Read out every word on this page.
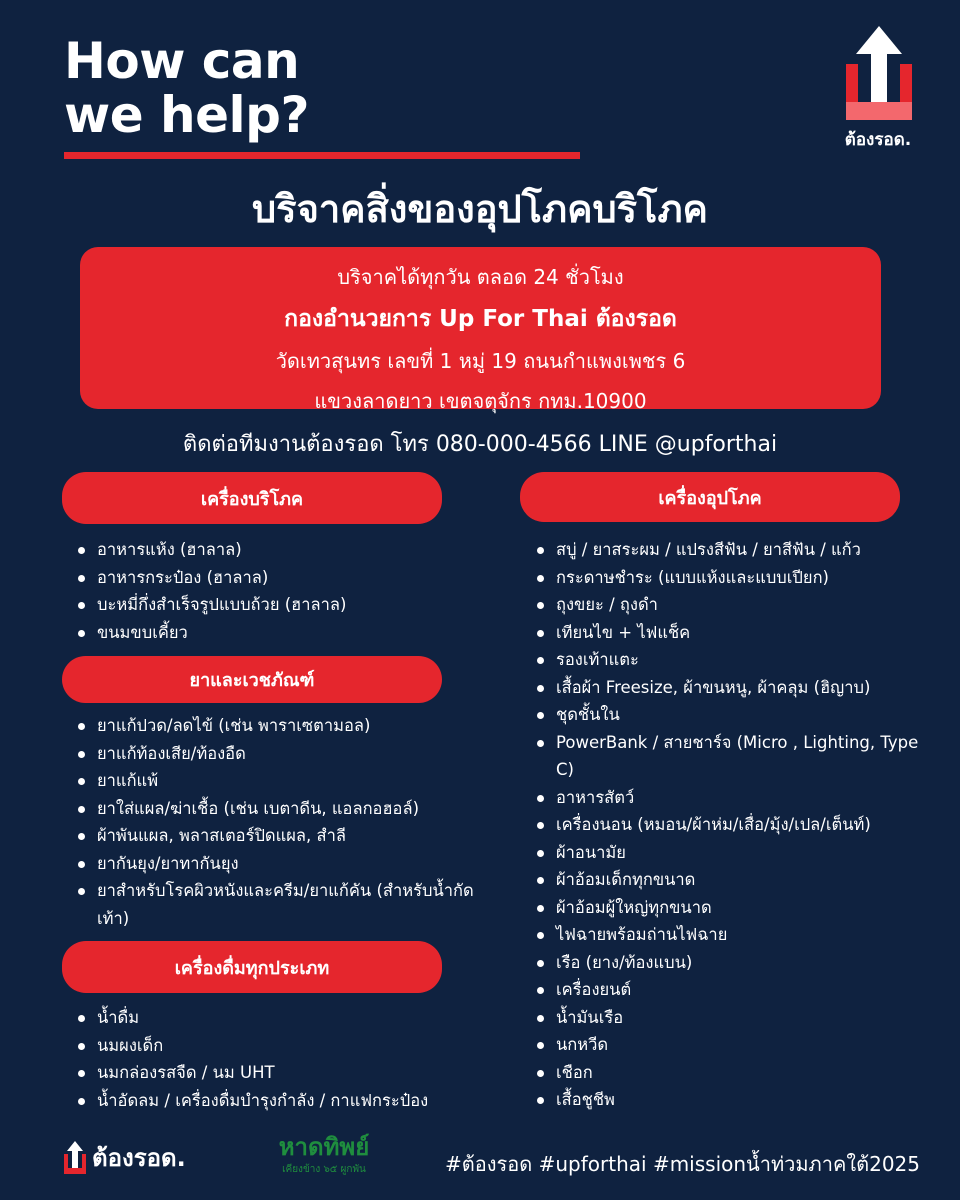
How can
we help?	ต้องรอด.
บริจาคสิ่งของอุปโภคบริโภค
บริจาคได้ทุกวัน ตลอด 24 ชั่วโมง
กองอำนวยการ Up For Thai ต้องรอด
วัดเทวสุนทร เลขที่ 1 หมู่ 19 ถนนกำแพงเพชร 6
แขวงลาดยาว เขตจตุจักร กทม.10900
ติดต่อทีมงานต้องรอด โทร 080-000-4566 LINE @upforthai
เครื่องบริโภค
อาหารแห้ง (ฮาลาล)
อาหารกระป๋อง (ฮาลาล)
บะหมี่กึ่งสำเร็จรูปแบบถ้วย (ฮาลาล)
ขนมขบเคี้ยว
ยาและเวชภัณฑ์
ยาแก้ปวด/ลดไข้ (เช่น พาราเซตามอล)
ยาแก้ท้องเสีย/ท้องอืด
ยาแก้แพ้
ยาใส่แผล/ฆ่าเชื้อ (เช่น เบตาดีน, แอลกอฮอล์)
ผ้าพันแผล, พลาสเตอร์ปิดแผล, สำลี
ยากันยุง/ยาทากันยุง
ยาสำหรับโรคผิวหนังและครีม/ยาแก้คัน (สำหรับน้ำกัดเท้า)
เครื่องดื่มทุกประเภท
น้ำดื่ม
นมผงเด็ก
นมกล่องรสจืด / นม UHT
น้ำอัดลม / เครื่องดื่มบำรุงกำลัง / กาแฟกระป๋อง
เครื่องอุปโภค
สบู่ / ยาสระผม / แปรงสีฟัน / ยาสีฟัน / แก้ว
กระดาษชำระ (แบบแห้งและแบบเปียก)
ถุงขยะ / ถุงดำ
เทียนไข + ไฟแช็ค
รองเท้าแตะ
เสื้อผ้า Freesize, ผ้าขนหนู, ผ้าคลุม (ฮิญาบ)
ชุดชั้นใน
PowerBank / สายชาร์จ (Micro , Lighting, Type C)
อาหารสัตว์
เครื่องนอน (หมอน/ผ้าห่ม/เสื่อ/มุ้ง/เปล/เต็นท์)
ผ้าอนามัย
ผ้าอ้อมเด็กทุกขนาด
ผ้าอ้อมผู้ใหญ่ทุกขนาด
ไฟฉายพร้อมถ่านไฟฉาย
เรือ (ยาง/ท้องแบน)
เครื่องยนต์
น้ำมันเรือ
นกหวีด
เชือก
เสื้อชูชีพ
ต้องรอด.	หาดทิพย์
เคียงข้าง ๖๕ ผูกพัน	#ต้องรอด #upforthai #missionน้ำท่วมภาคใต้2025
